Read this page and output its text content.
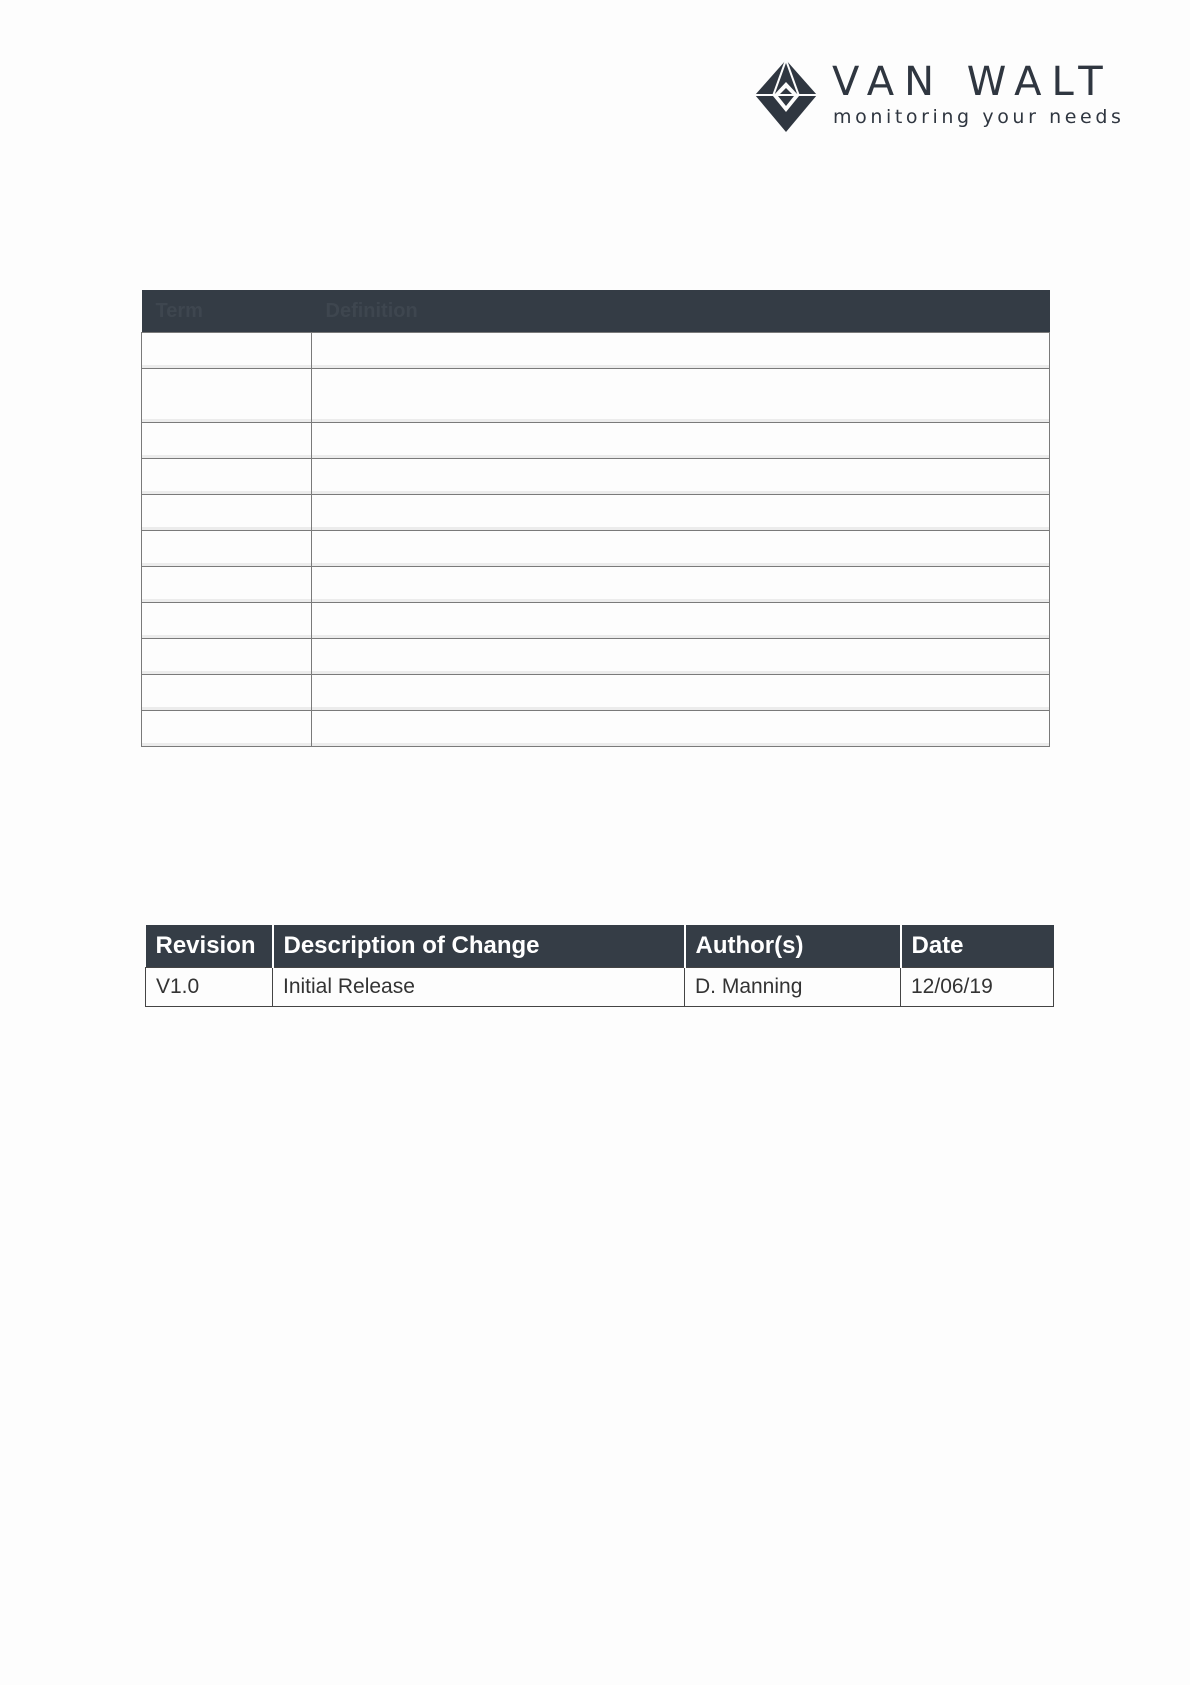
VAN WALT
monitoring your needs
Term	Definition

Revision	Description of Change	Author(s)	Date
V1.0	Initial Release	D. Manning	12/06/19
